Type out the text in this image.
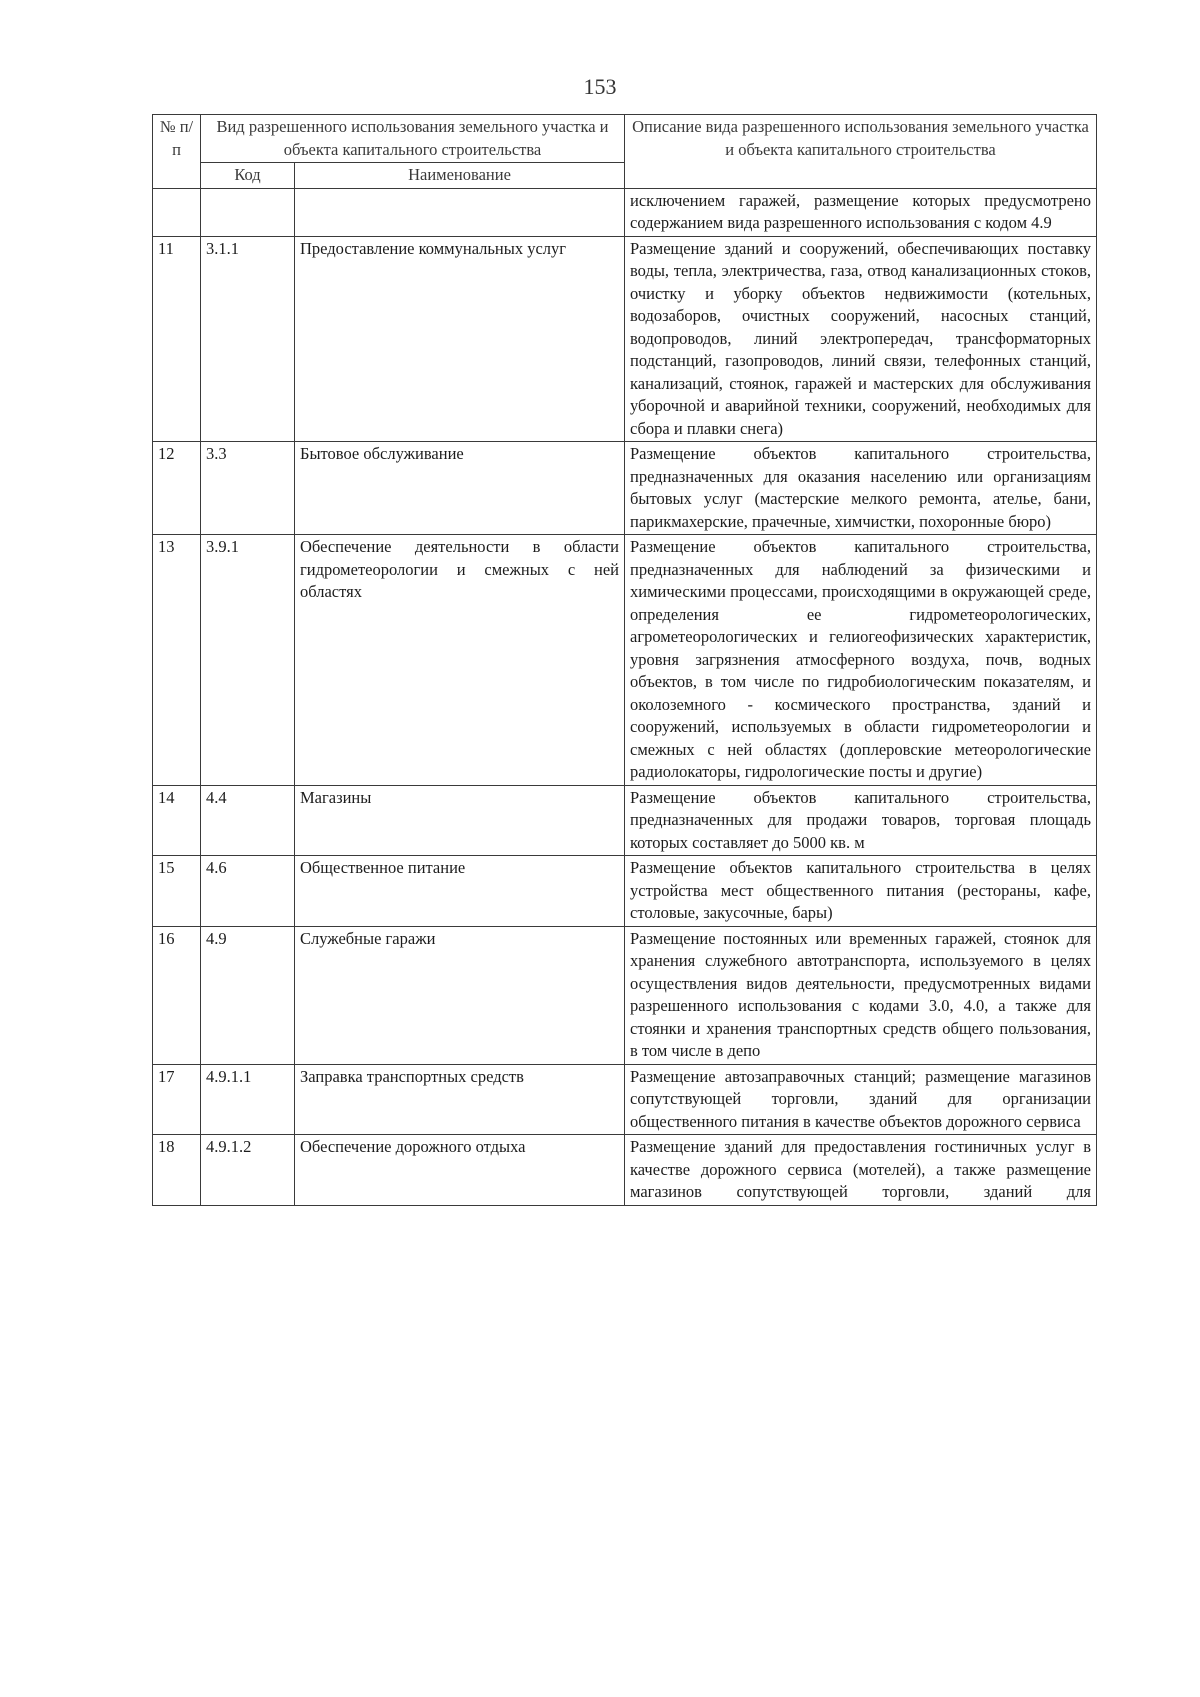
153
№ п/п	Вид разрешенного использования земельного участка и объекта капитального строительства		Описание вида разрешенного использования земельного участка и объекта капитального строительства
	Код	Наименование	
			исключением гаражей, размещение которых предусмотрено содержанием вида разрешенного использования с кодом 4.9
11	3.1.1	Предоставление коммунальных услуг	Размещение зданий и сооружений, обеспечивающих поставку воды, тепла, электричества, газа, отвод канализационных стоков, очистку и уборку объектов недвижимости (котельных, водозаборов, очистных сооружений, насосных станций, водопроводов, линий электропередач, трансформаторных подстанций, газопроводов, линий связи, телефонных станций, канализаций, стоянок, гаражей и мастерских для обслуживания уборочной и аварийной техники, сооружений, необходимых для сбора и плавки снега)
12	3.3	Бытовое обслуживание	Размещение объектов капитального строительства, предназначенных для оказания населению или организациям бытовых услуг (мастерские мелкого ремонта, ателье, бани, парикмахерские, прачечные, химчистки, похоронные бюро)
13	3.9.1	Обеспечение деятельности в области гидрометеорологии и смежных с ней областях	Размещение объектов капитального строительства, предназначенных для наблюдений за физическими и химическими процессами, происходящими в окружающей среде, определения ее гидрометеорологических, агрометеорологических и гелиогеофизических характеристик, уровня загрязнения атмосферного воздуха, почв, водных объектов, в том числе по гидробиологическим показателям, и околоземного - космического пространства, зданий и сооружений, используемых в области гидрометеорологии и смежных с ней областях (доплеровские метеорологические радиолокаторы, гидрологические посты и другие)
14	4.4	Магазины	Размещение объектов капитального строительства, предназначенных для продажи товаров, торговая площадь которых составляет до 5000 кв. м
15	4.6	Общественное питание	Размещение объектов капитального строительства в целях устройства мест общественного питания (рестораны, кафе, столовые, закусочные, бары)
16	4.9	Служебные гаражи	Размещение постоянных или временных гаражей, стоянок для хранения служебного автотранспорта, используемого в целях осуществления видов деятельности, предусмотренных видами разрешенного использования с кодами 3.0, 4.0, а также для стоянки и хранения транспортных средств общего пользования, в том числе в депо
17	4.9.1.1	Заправка транспортных средств	Размещение автозаправочных станций; размещение магазинов сопутствующей торговли, зданий для организации общественного питания в качестве объектов дорожного сервиса
18	4.9.1.2	Обеспечение дорожного отдыха	Размещение зданий для предоставления гостиничных услуг в качестве дорожного сервиса (мотелей), а также размещение магазинов сопутствующей торговли, зданий для
